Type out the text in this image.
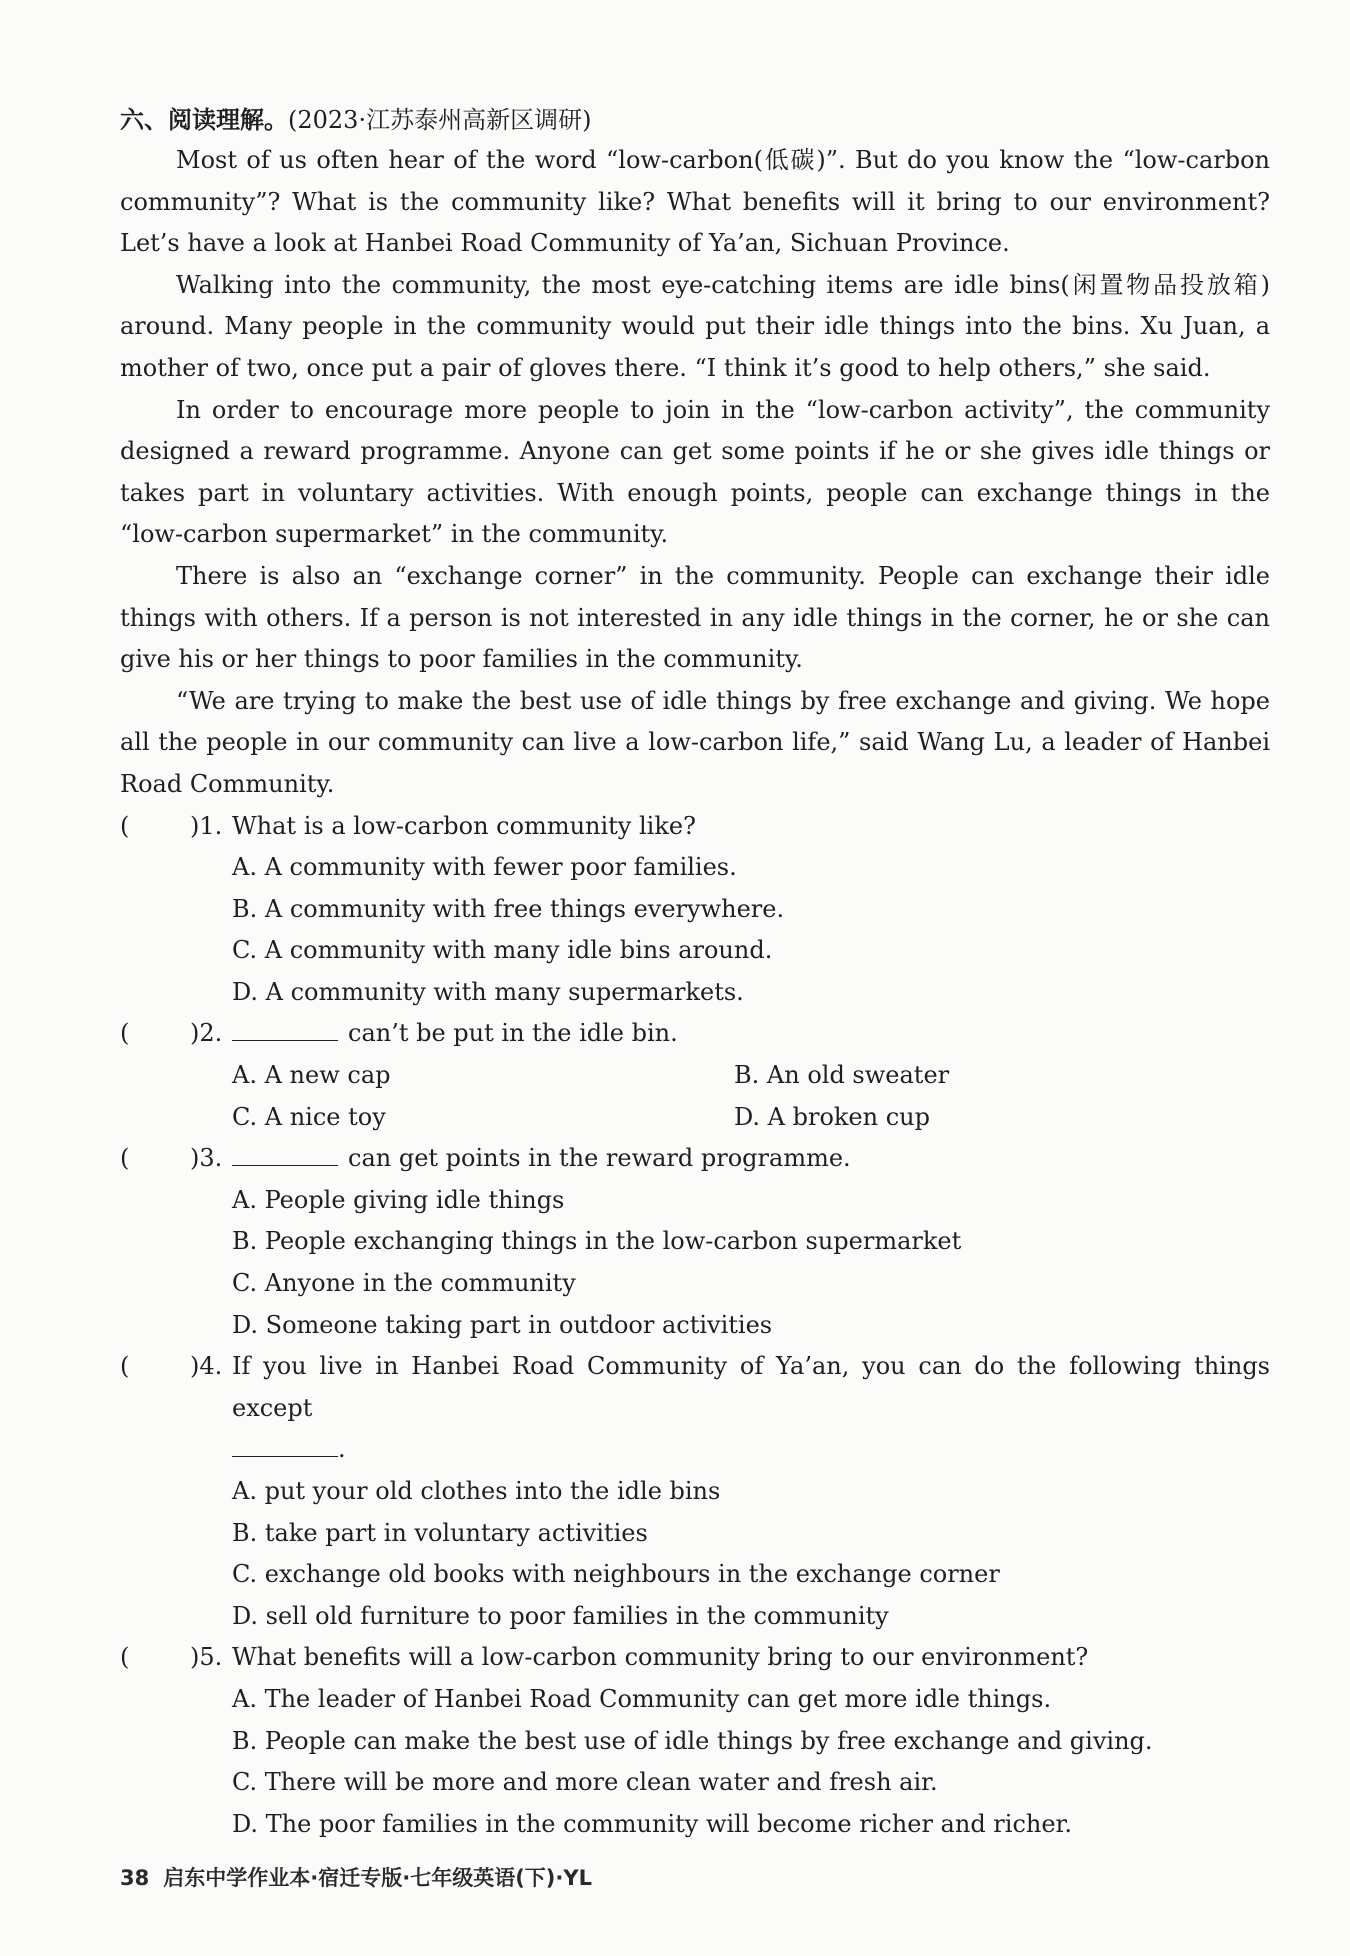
六、阅读理解。(2023·江苏泰州高新区调研)

Most of us often hear of the word “low-carbon(低碳)”. But do you know the “low-carbon community”? What is the community like? What benefits will it bring to our environment? Let’s have a look at Hanbei Road Community of Ya’an, Sichuan Province.

Walking into the community, the most eye-catching items are idle bins(闲置物品投放箱) around. Many people in the community would put their idle things into the bins. Xu Juan, a mother of two, once put a pair of gloves there. “I think it’s good to help others,” she said.

In order to encourage more people to join in the “low-carbon activity”, the community designed a reward programme. Anyone can get some points if he or she gives idle things or takes part in voluntary activities. With enough points, people can exchange things in the “low-carbon supermarket” in the community.

There is also an “exchange corner” in the community. People can exchange their idle things with others. If a person is not interested in any idle things in the corner, he or she can give his or her things to poor families in the community.

“We are trying to make the best use of idle things by free exchange and giving. We hope all the people in our community can live a low-carbon life,” said Wang Lu, a leader of Hanbei Road Community.

(	)1. What is a low-carbon community like?
A. A community with fewer poor families.
B. A community with free things everywhere.
C. A community with many idle bins around.
D. A community with many supermarkets.
(	)2.	can’t be put in the idle bin.
A. A new cap	B. An old sweater
C. A nice toy	D. A broken cup
(	)3.	can get points in the reward programme.
A. People giving idle things
B. People exchanging things in the low-carbon supermarket
C. Anyone in the community
D. Someone taking part in outdoor activities
(	)4. If you live in Hanbei Road Community of Ya’an, you can do the following things except
.
A. put your old clothes into the idle bins
B. take part in voluntary activities
C. exchange old books with neighbours in the exchange corner
D. sell old furniture to poor families in the community
(	)5. What benefits will a low-carbon community bring to our environment?
A. The leader of Hanbei Road Community can get more idle things.
B. People can make the best use of idle things by free exchange and giving.
C. There will be more and more clean water and fresh air.
D. The poor families in the community will become richer and richer.
38 启东中学作业本·宿迁专版·七年级英语(下)·YL
